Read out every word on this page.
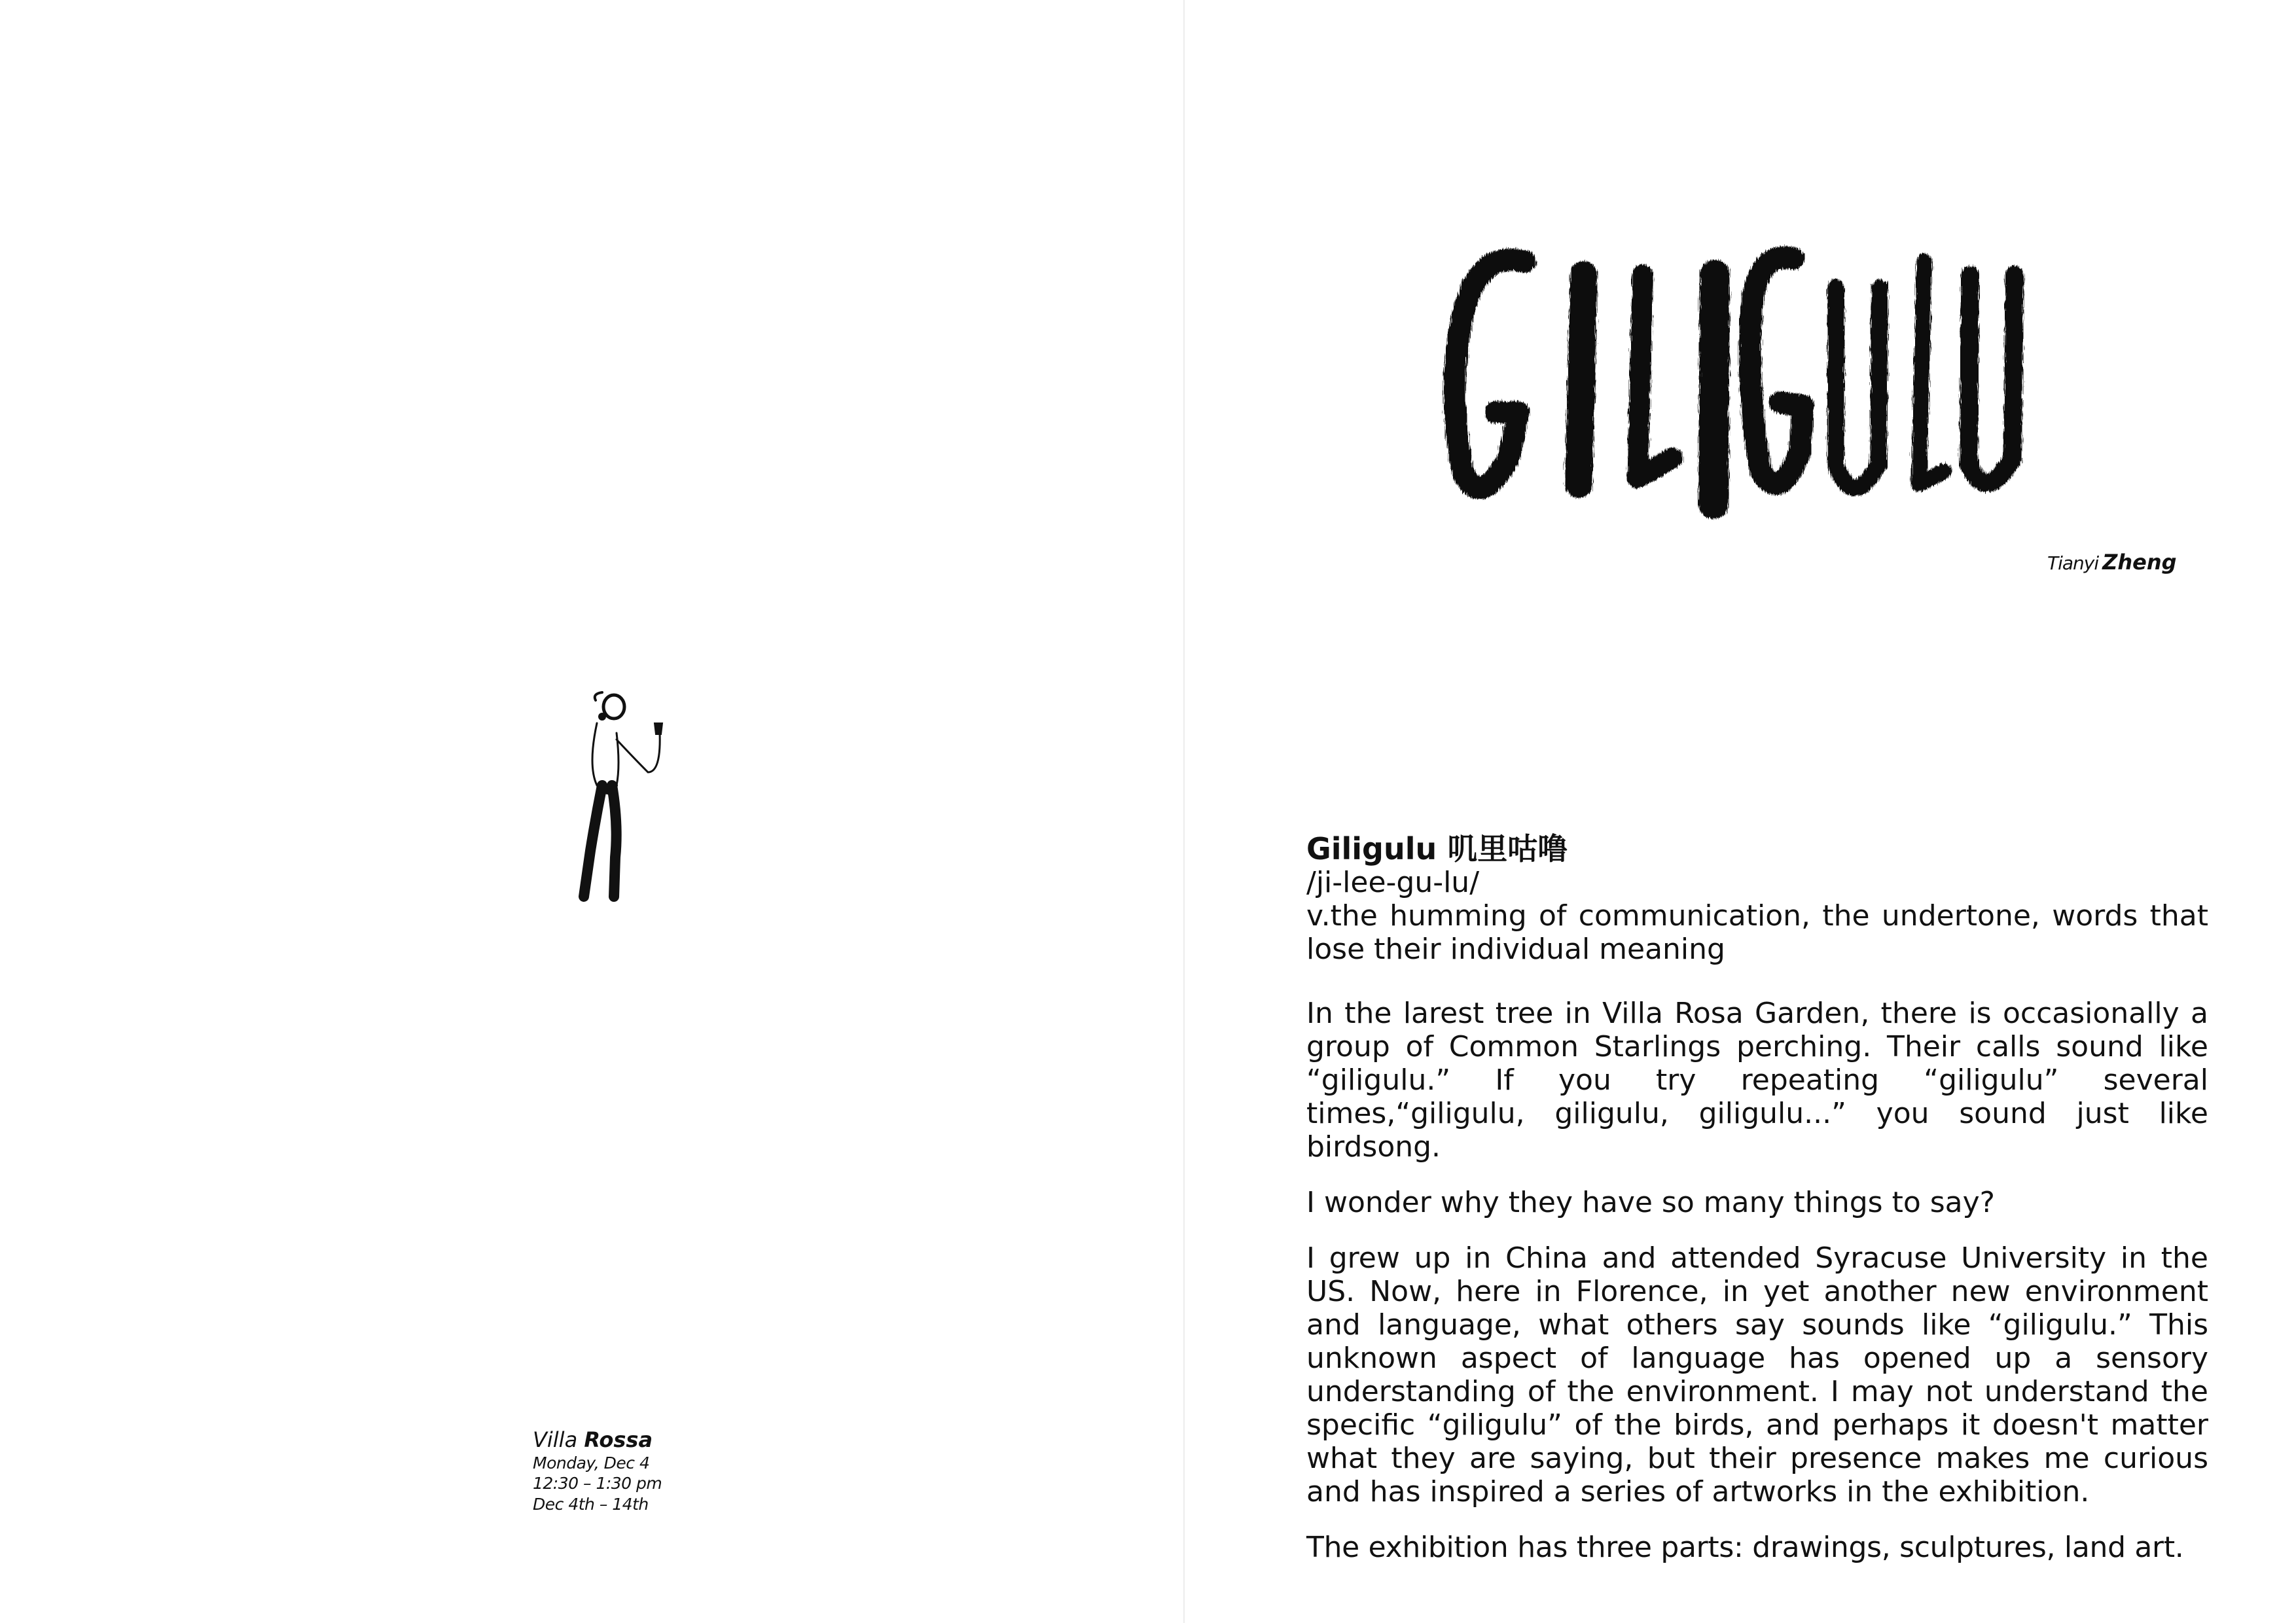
Tianyi Zheng
Villa Rossa
Monday, Dec 4
12:30 – 1:30 pm
Dec 4th – 14th

Giligulu 叽里咕噜

/ji-lee-gu-lu/

v.the humming of communication, the undertone, words that lose their individual meaning

In the larest tree in Villa Rosa Garden, there is occasionally a group of Common Starlings perching. Their calls sound like “giligulu.” If you try repeating “giligulu” several times,“giligulu, giligulu, giligulu...” you sound just like birdsong.

I wonder why they have so many things to say?

I grew up in China and attended Syracuse University in the US. Now, here in Florence, in yet another new environment and language, what others say sounds like “giligulu.” This unknown aspect of language has opened up a sensory understanding of the environment. I may not understand the specific “giligulu” of the birds, and perhaps it doesn't matter what they are saying, but their presence makes me curious and has inspired a series of artworks in the exhibition.

The exhibition has three parts: drawings, sculptures, land art.
